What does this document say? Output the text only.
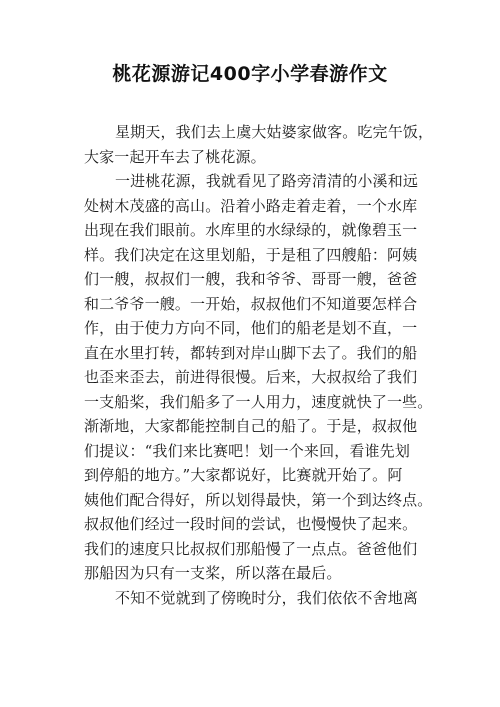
桃花源游记400字小学春游作文
星期天，我们去上虞大姑婆家做客。吃完午饭，
大家一起开车去了桃花源。
一进桃花源，我就看见了路旁清清的小溪和远
处树木茂盛的高山。沿着小路走着走着，一个水库
出现在我们眼前。水库里的水绿绿的，就像碧玉一
样。我们决定在这里划船，于是租了四艘船：阿姨
们一艘，叔叔们一艘，我和爷爷、哥哥一艘，爸爸
和二爷爷一艘。一开始，叔叔他们不知道要怎样合
作，由于使力方向不同，他们的船老是划不直，一
直在水里打转，都转到对岸山脚下去了。我们的船
也歪来歪去，前进得很慢。后来，大叔叔给了我们
一支船桨，我们船多了一人用力，速度就快了一些。
渐渐地，大家都能控制自己的船了。于是，叔叔他
们提议：“我们来比赛吧！划一个来回，看谁先划
到停船的地方。”大家都说好，比赛就开始了。阿
姨他们配合得好，所以划得最快，第一个到达终点。
叔叔他们经过一段时间的尝试，也慢慢快了起来。
我们的速度只比叔叔们那船慢了一点点。爸爸他们
那船因为只有一支桨，所以落在最后。
不知不觉就到了傍晚时分，我们依依不舍地离
